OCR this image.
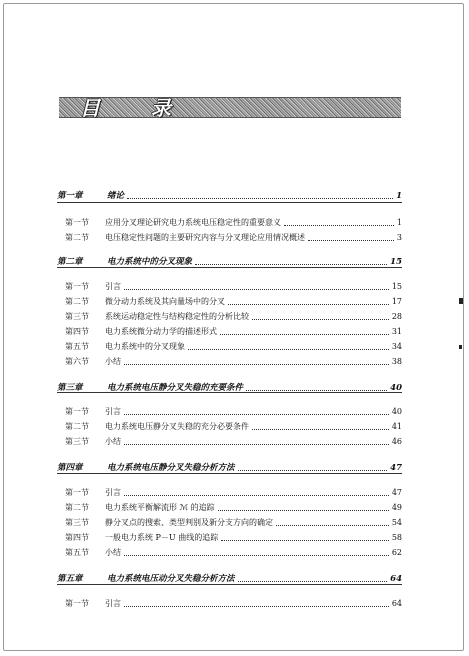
目 录
第一章	绪论	1
第一节	应用分叉理论研究电力系统电压稳定性的重要意义	1
第二节	电压稳定性问题的主要研究内容与分叉理论应用情况概述	3
第二章	电力系统中的分叉现象	15
第一节	引言	15
第二节	微分动力系统及其向量场中的分叉	17
第三节	系统运动稳定性与结构稳定性的分析比较	28
第四节	电力系统微分动力学的描述形式	31
第五节	电力系统中的分叉现象	34
第六节	小结	38
第三章	电力系统电压静分叉失稳的充要条件	40
第一节	引言	40
第二节	电力系统电压静分叉失稳的充分必要条件	41
第三节	小结	46
第四章	电力系统电压静分叉失稳分析方法	47
第一节	引言	47
第二节	电力系统平衡解流形 ℳ 的追踪	49
第三节	静分叉点的搜索、类型判别及新分支方向的确定	54
第四节	一般电力系统 P－U 曲线的追踪	58
第五节	小结	62
第五章	电力系统电压动分叉失稳分析方法	64
第一节	引言	64
